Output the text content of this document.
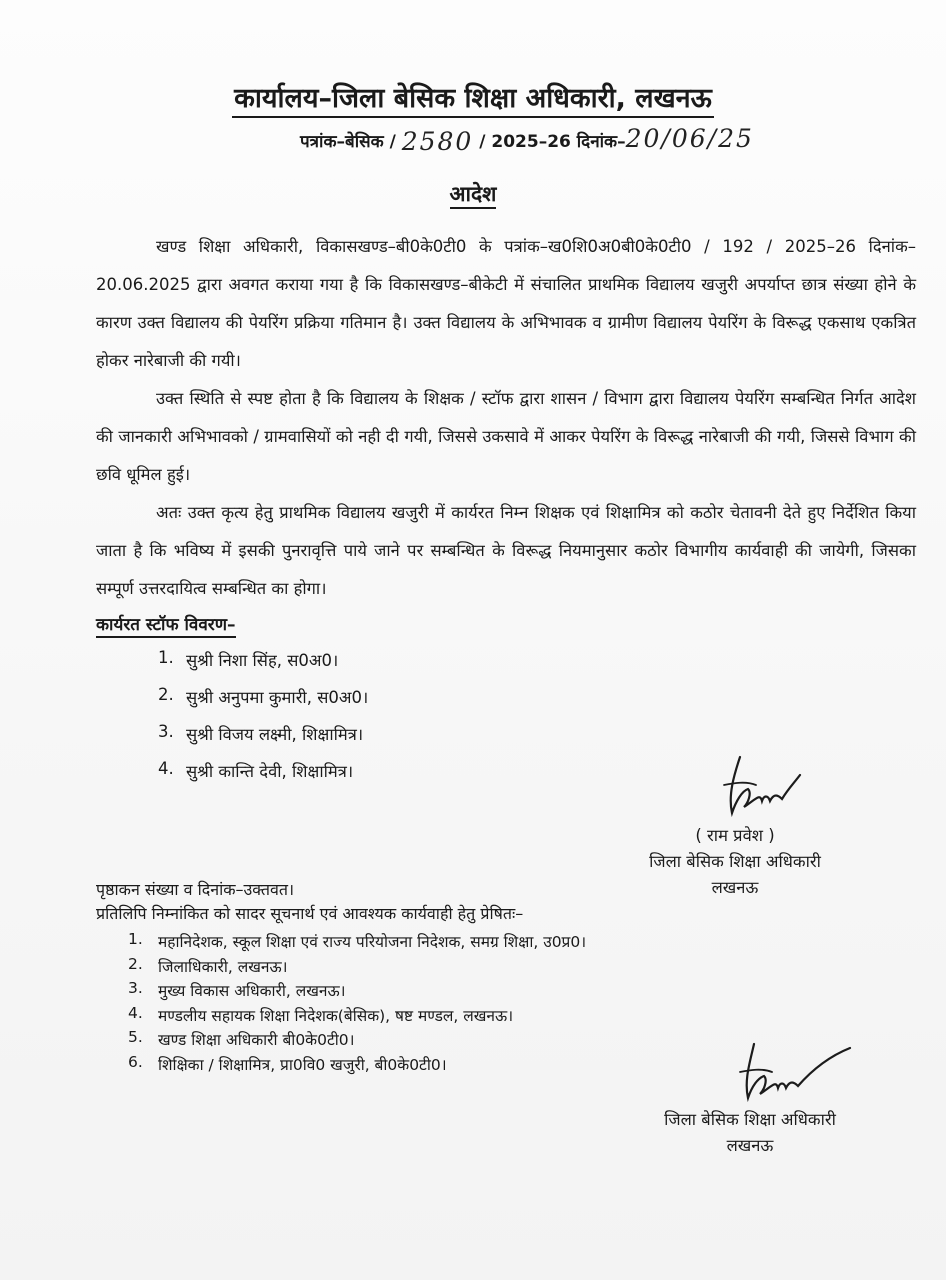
कार्यालय–जिला बेसिक शिक्षा अधिकारी, लखनऊ
पत्रांक–बेसिक / 2580 / 2025–26 दिनांक–20/06/25
आदेश

खण्ड शिक्षा अधिकारी, विकासखण्ड–बी0के0टी0 के पत्रांक–ख0शि0अ0बी0के0टी0 / 192 / 2025–26 दिनांक–20.06.2025 द्वारा अवगत कराया गया है कि विकासखण्ड–बीकेटी में संचालित प्राथमिक विद्यालय खजुरी अपर्याप्त छात्र संख्या होने के कारण उक्त विद्यालय की पेयरिंग प्रक्रिया गतिमान है। उक्त विद्यालय के अभिभावक व ग्रामीण विद्यालय पेयरिंग के विरूद्ध एकसाथ एकत्रित होकर नारेबाजी की गयी।

उक्त स्थिति से स्पष्ट होता है कि विद्यालय के शिक्षक / स्टॉफ द्वारा शासन / विभाग द्वारा विद्यालय पेयरिंग सम्बन्धित निर्गत आदेश की जानकारी अभिभावको / ग्रामवासियों को नही दी गयी, जिससे उकसावे में आकर पेयरिंग के विरूद्ध नारेबाजी की गयी, जिससे विभाग की छवि धूमिल हुई।

अतः उक्त कृत्य हेतु प्राथमिक विद्यालय खजुरी में कार्यरत निम्न शिक्षक एवं शिक्षामित्र को कठोर चेतावनी देते हुए निर्देशित किया जाता है कि भविष्य में इसकी पुनरावृत्ति पाये जाने पर सम्बन्धित के विरूद्ध नियमानुसार कठोर विभागीय कार्यवाही की जायेगी, जिसका सम्पूर्ण उत्तरदायित्व सम्बन्धित का होगा।

कार्यरत स्टॉफ विवरण–
1. सुश्री निशा सिंह, स0अ0।
2. सुश्री अनुपमा कुमारी, स0अ0।
3. सुश्री विजय लक्ष्मी, शिक्षामित्र।
4. सुश्री कान्ति देवी, शिक्षामित्र।
( राम प्रवेश )
जिला बेसिक शिक्षा अधिकारी
लखनऊ
पृष्ठाकन संख्या व दिनांक–उक्तवत।
प्रतिलिपि निम्नांकित को सादर सूचनार्थ एवं आवश्यक कार्यवाही हेतु प्रेषितः–
1. महानिदेशक, स्कूल शिक्षा एवं राज्य परियोजना निदेशक, समग्र शिक्षा, उ0प्र0।
2. जिलाधिकारी, लखनऊ।
3. मुख्य विकास अधिकारी, लखनऊ।
4. मण्डलीय सहायक शिक्षा निदेशक(बेसिक), षष्ट मण्डल, लखनऊ।
5. खण्ड शिक्षा अधिकारी बी0के0टी0।
6. शिक्षिका / शिक्षामित्र, प्रा0वि0 खजुरी, बी0के0टी0।
जिला बेसिक शिक्षा अधिकारी
लखनऊ
